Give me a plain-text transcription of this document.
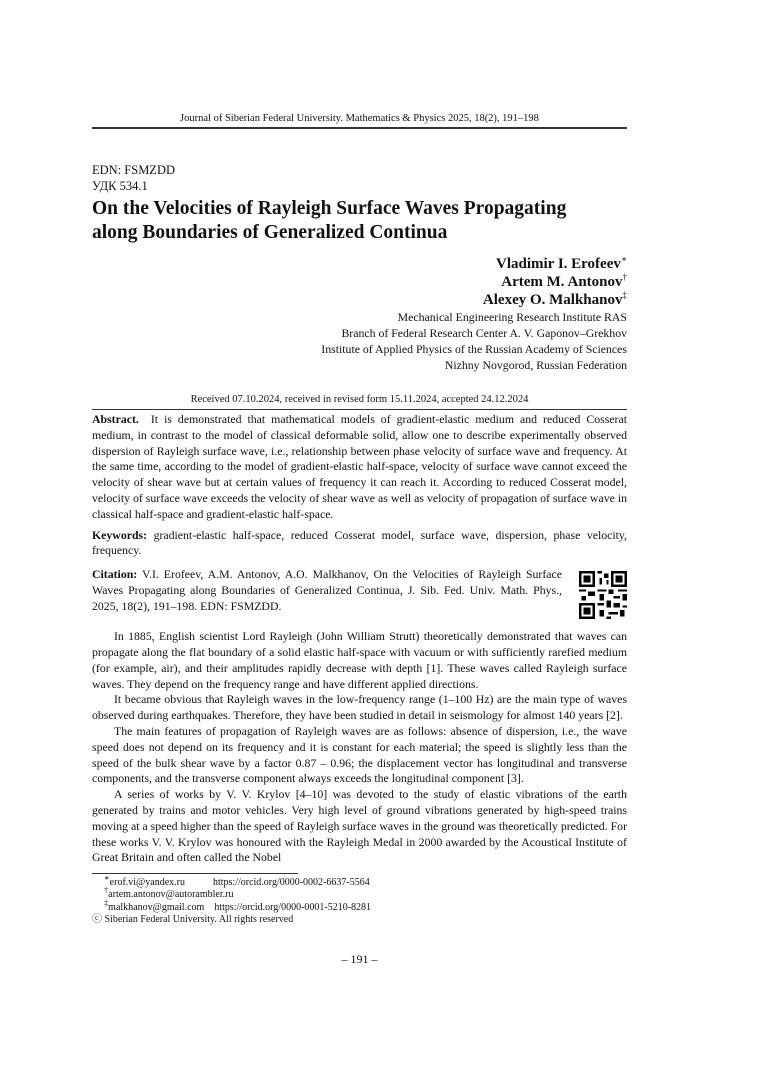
Journal of Siberian Federal University. Mathematics & Physics 2025, 18(2), 191–198
EDN: FSMZDD
УДК 534.1
On the Velocities of Rayleigh Surface Waves Propagating
along Boundaries of Generalized Continua
Vladimir I. Erofeev∗
Artem M. Antonov†
Alexey O. Malkhanov‡
Mechanical Engineering Research Institute RAS
Branch of Federal Research Center A. V. Gaponov–Grekhov
Institute of Applied Physics of the Russian Academy of Sciences
Nizhny Novgorod, Russian Federation
Received 07.10.2024, received in revised form 15.11.2024, accepted 24.12.2024
Abstract. It is demonstrated that mathematical models of gradient-elastic medium and reduced Cosserat medium, in contrast to the model of classical deformable solid, allow one to describe experimentally observed dispersion of Rayleigh surface wave, i.e., relationship between phase velocity of surface wave and frequency. At the same time, according to the model of gradient-elastic half-space, velocity of surface wave cannot exceed the velocity of shear wave but at certain values of frequency it can reach it. According to reduced Cosserat model, velocity of surface wave exceeds the velocity of shear wave as well as velocity of propagation of surface wave in classical half-space and gradient-elastic half-space.
Keywords: gradient-elastic half-space, reduced Cosserat model, surface wave, dispersion, phase velocity, frequency.
Citation: V.I. Erofeev, A.M. Antonov, A.O. Malkhanov, On the Velocities of Rayleigh Surface Waves Propagating along Boundaries of Generalized Continua, J. Sib. Fed. Univ. Math. Phys., 2025, 18(2), 191–198. EDN: FSMZDD.

In 1885, English scientist Lord Rayleigh (John William Strutt) theoretically demonstrated that waves can propagate along the flat boundary of a solid elastic half-space with vacuum or with sufficiently rarefied medium (for example, air), and their amplitudes rapidly decrease with depth [1]. These waves called Rayleigh surface waves. They depend on the frequency range and have different applied directions.

It became obvious that Rayleigh waves in the low-frequency range (1–100 Hz) are the main type of waves observed during earthquakes. Therefore, they have been studied in detail in seismology for almost 140 years [2].

The main features of propagation of Rayleigh waves are as follows: absence of dispersion, i.e., the wave speed does not depend on its frequency and it is constant for each material; the speed is slightly less than the speed of the bulk shear wave by a factor 0.87 – 0.96; the displacement vector has longitudinal and transverse components, and the transverse component always exceeds the longitudinal component [3].

A series of works by V. V. Krylov [4–10] was devoted to the study of elastic vibrations of the earth generated by trains and motor vehicles. Very high level of ground vibrations generated by high-speed trains moving at a speed higher than the speed of Rayleigh surface waves in the ground was theoretically predicted. For these works V. V. Krylov was honoured with the Rayleigh Medal in 2000 awarded by the Acoustical Institute of Great Britain and often called the Nobel

∗erof.vi@yandex.ru	https://orcid.org/0000-0002-6637-5564
†artem.antonov@autorambler.ru
‡malkhanov@gmail.com https://orcid.org/0000-0001-5210-8281
ⓒ Siberian Federal University. All rights reserved
– 191 –
